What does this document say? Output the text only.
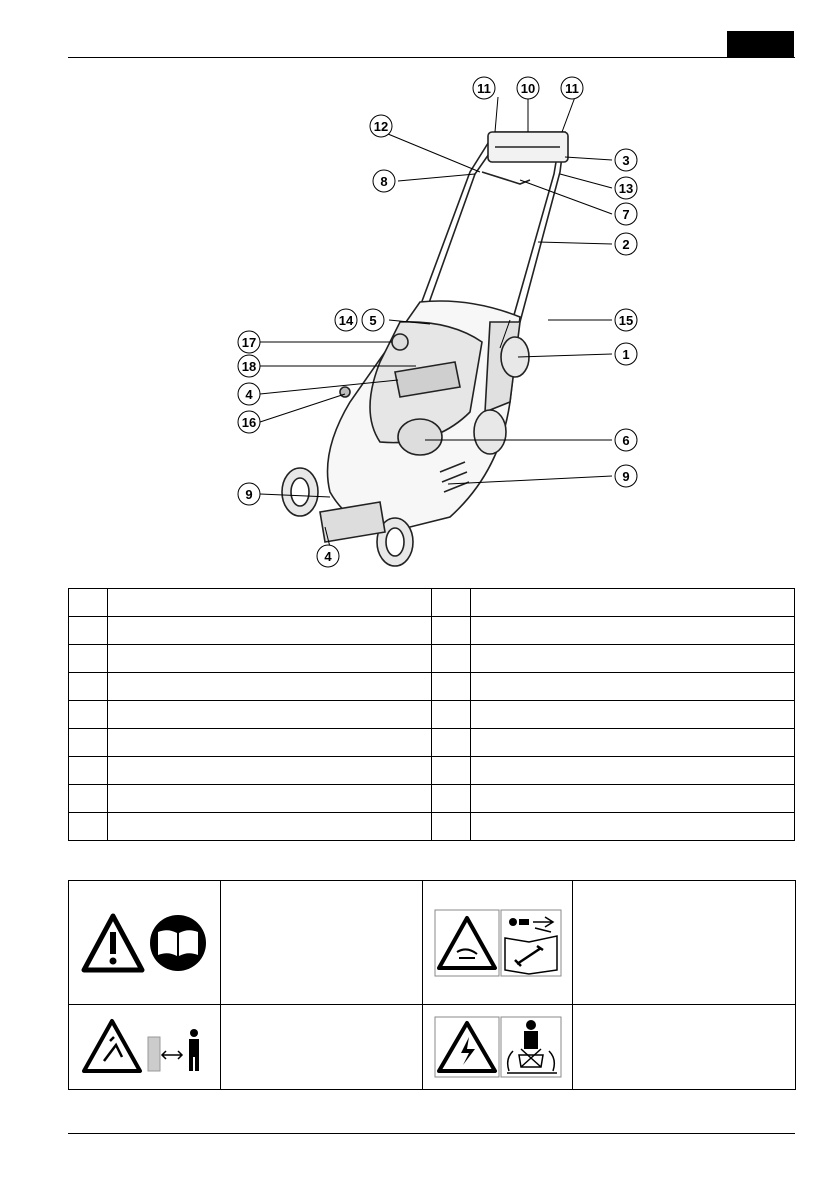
11 10 11
12
3
8	13
7
2
14 5	15
17
1
18
4
16
6
9
9
4
